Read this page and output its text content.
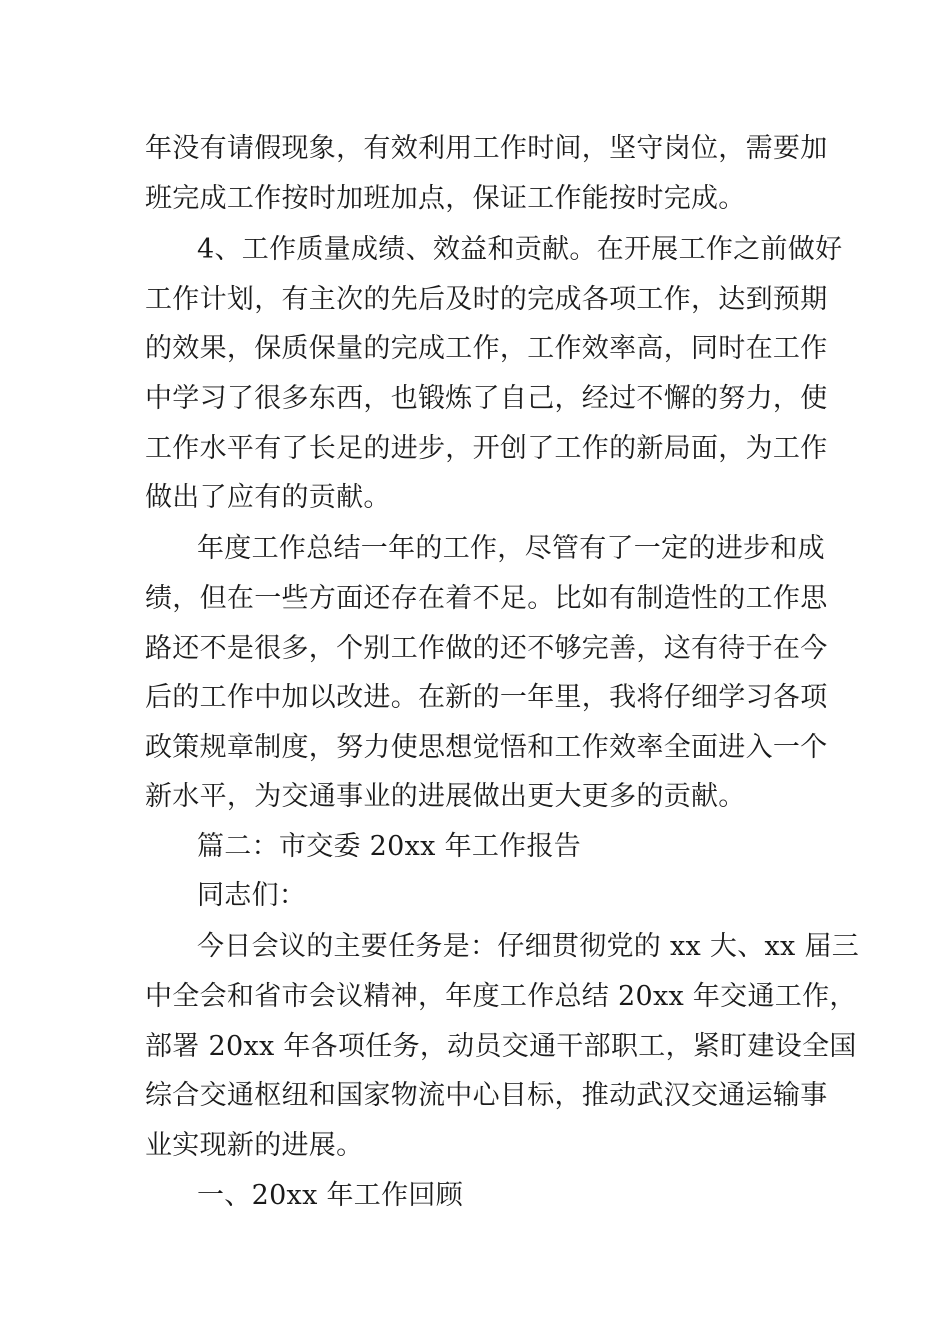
年没有请假现象，有效利用工作时间，坚守岗位，需要加
班完成工作按时加班加点，保证工作能按时完成。
4、工作质量成绩、效益和贡献。在开展工作之前做好
工作计划，有主次的先后及时的完成各项工作，达到预期
的效果，保质保量的完成工作，工作效率高，同时在工作
中学习了很多东西，也锻炼了自己，经过不懈的努力，使
工作水平有了长足的进步，开创了工作的新局面，为工作
做出了应有的贡献。
年度工作总结一年的工作，尽管有了一定的进步和成
绩，但在一些方面还存在着不足。比如有制造性的工作思
路还不是很多，个别工作做的还不够完善，这有待于在今
后的工作中加以改进。在新的一年里，我将仔细学习各项
政策规章制度，努力使思想觉悟和工作效率全面进入一个
新水平，为交通事业的进展做出更大更多的贡献。
篇二：市交委 20xx 年工作报告
同志们：
今日会议的主要任务是：仔细贯彻党的 xx 大、xx 届三
中全会和省市会议精神，年度工作总结 20xx 年交通工作，
部署 20xx 年各项任务，动员交通干部职工，紧盯建设全国
综合交通枢纽和国家物流中心目标，推动武汉交通运输事
业实现新的进展。
一、20xx 年工作回顾
